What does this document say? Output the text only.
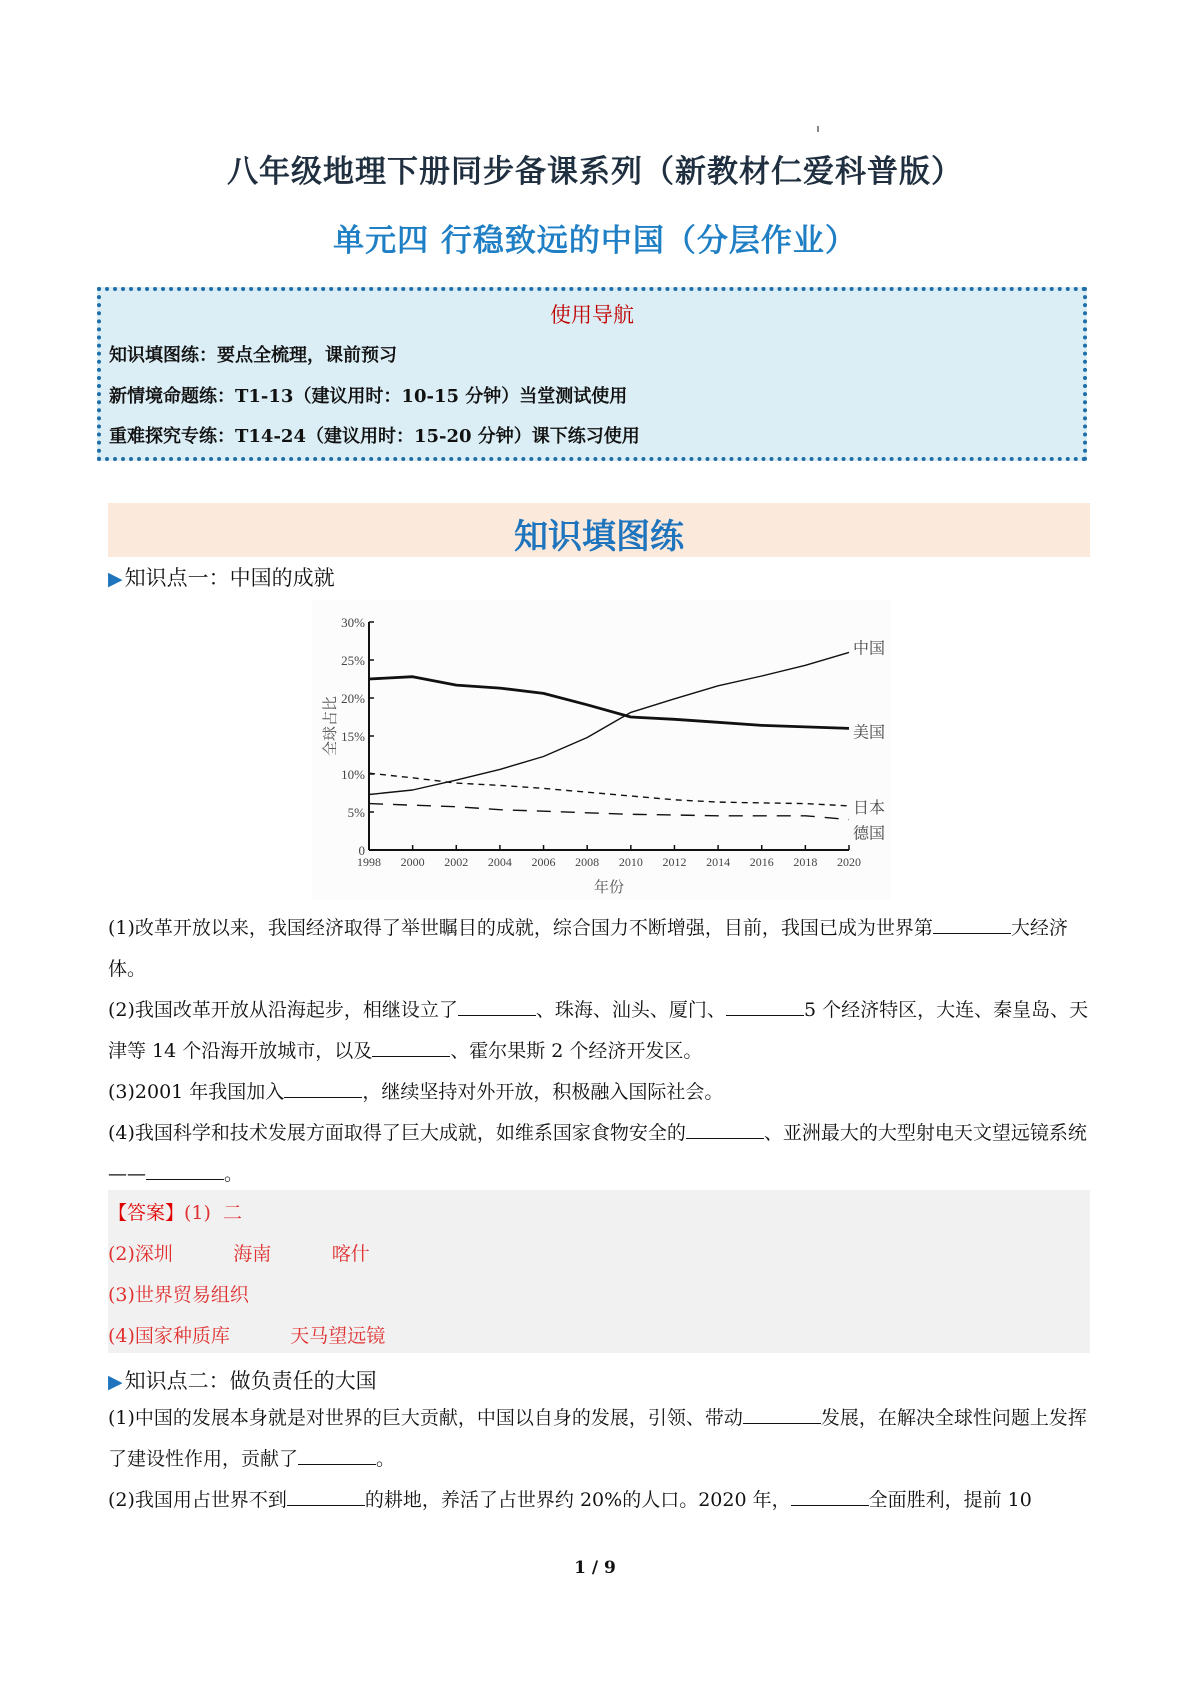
八年级地理下册同步备课系列（新教材仁爱科普版）
单元四 行稳致远的中国（分层作业）
使用导航
知识填图练：要点全梳理，课前预习
新情境命题练：T1-13（建议用时：10-15 分钟）当堂测试使用
重难探究专练：T14-24（建议用时：15-20 分钟）课下练习使用
知识填图练
▶知识点一：中国的成就
0
5%
10%
15%
20%
25%
30%
1998 2000 2002 2004 2006 2008 2010 2012 2014 2016 2018 2020
年份
全球占比
中国
美国
日本
德国
(1)改革开放以来，我国经济取得了举世瞩目的成就，综合国力不断增强，目前，我国已成为世界第	大经济体。
(2)我国改革开放从沿海起步，相继设立了	、珠海、汕头、厦门、	5 个经济特区，大连、秦皇岛、天津等 14 个沿海开放城市，以及	、霍尔果斯 2 个经济开发区。
(3)2001 年我国加入	，继续坚持对外开放，积极融入国际社会。
(4)我国科学和技术发展方面取得了巨大成就，如维系国家食物安全的	、亚洲最大的大型射电天文望远镜系统——	。
【答案】(1)  二
(2)深圳          海南          喀什
(3)世界贸易组织
(4)国家种质库          天马望远镜
▶知识点二：做负责任的大国
(1)中国的发展本身就是对世界的巨大贡献，中国以自身的发展，引领、带动	发展，在解决全球性问题上发挥了建设性作用，贡献了	。
(2)我国用占世界不到	的耕地，养活了占世界约 20%的人口。2020 年，	全面胜利，提前 10
1 / 9
